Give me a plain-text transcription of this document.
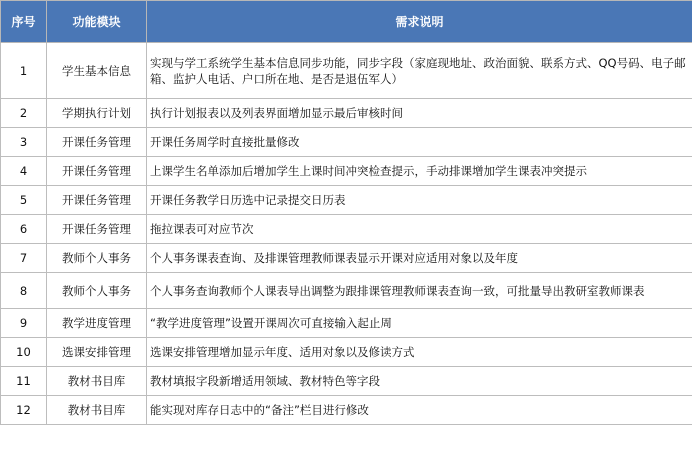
序号	功能模块	需求说明
1	学生基本信息	实现与学工系统学生基本信息同步功能，同步字段（家庭现地址、政治面貌、联系方式、QQ号码、电子邮箱、监护人电话、户口所在地、是否是退伍军人）
2	学期执行计划	执行计划报表以及列表界面增加显示最后审核时间
3	开课任务管理	开课任务周学时直接批量修改
4	开课任务管理	上课学生名单添加后增加学生上课时间冲突检查提示，手动排课增加学生课表冲突提示
5	开课任务管理	开课任务教学日历选中记录提交日历表
6	开课任务管理	拖拉课表可对应节次
7	教师个人事务	个人事务课表查询、及排课管理教师课表显示开课对应适用对象以及年度
8	教师个人事务	个人事务查询教师个人课表导出调整为跟排课管理教师课表查询一致，可批量导出教研室教师课表
9	教学进度管理	“教学进度管理”设置开课周次可直接输入起止周
10	选课安排管理	选课安排管理增加显示年度、适用对象以及修读方式
11	教材书目库	教材填报字段新增适用领域、教材特色等字段
12	教材书目库	能实现对库存日志中的“备注”栏目进行修改
